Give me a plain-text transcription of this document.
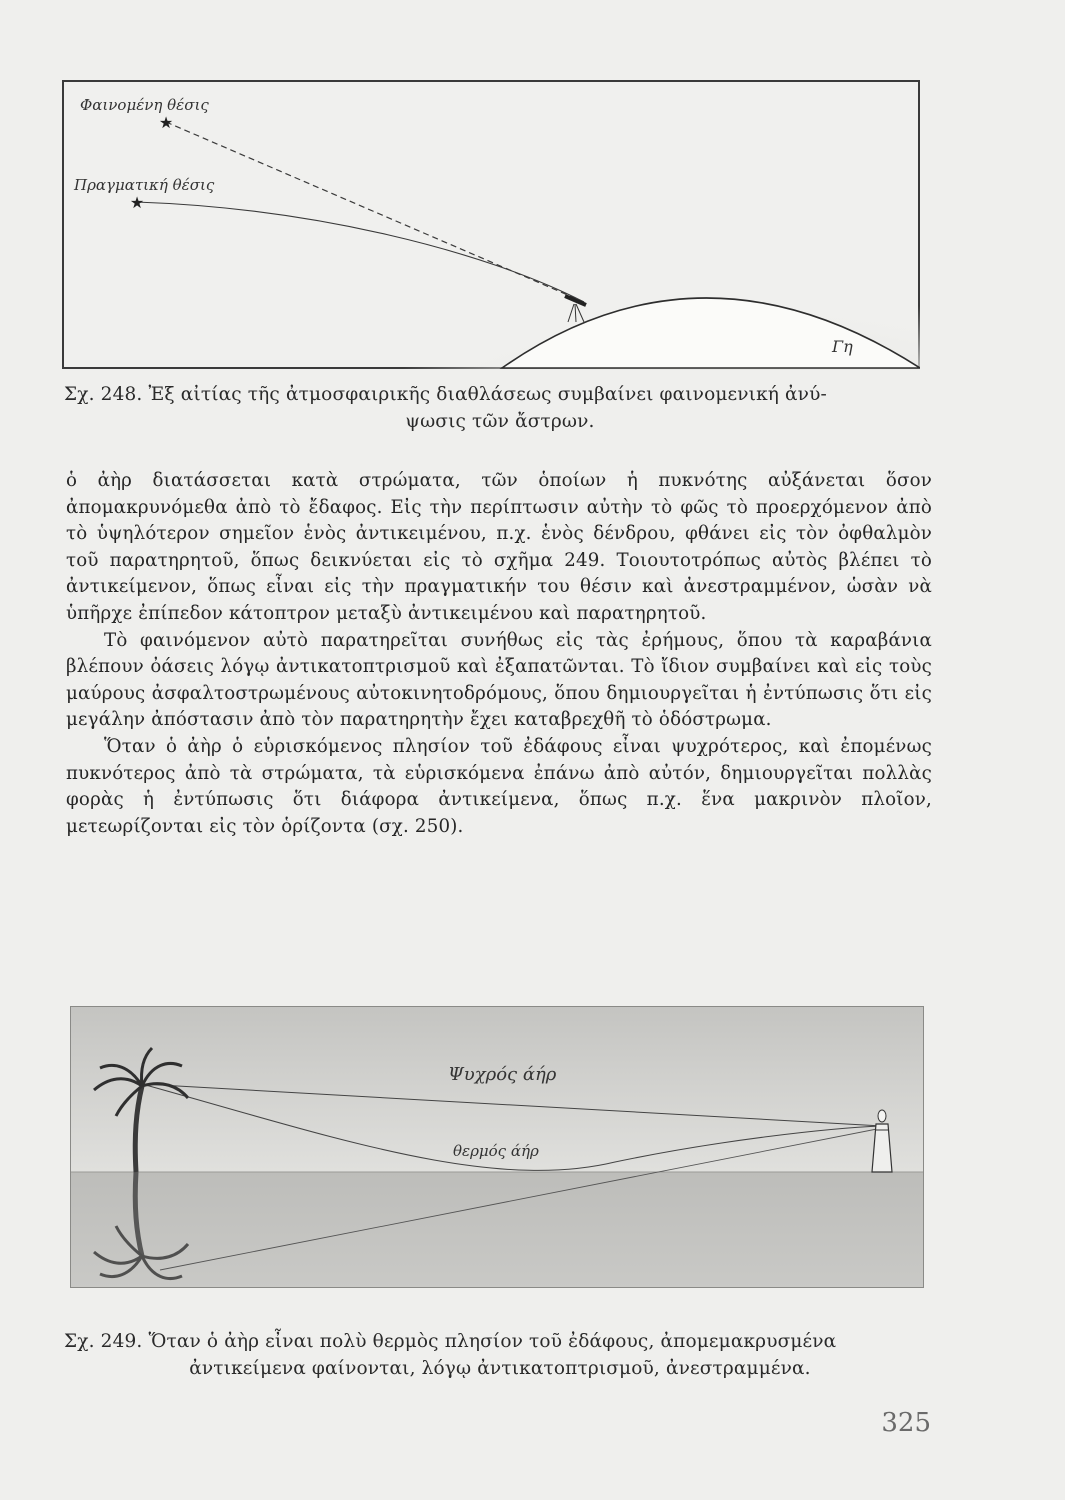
★
★
Φαινομένη θέσις
Πραγματική θέσις
Γη
Σχ. 248. Ἐξ αἰτίας τῆς ἀτμοσφαιρικῆς διαθλάσεως συμβαίνει φαινομενική ἀνύ-
ψωσις τῶν ἄστρων.

ὁ ἀὴρ διατάσσεται κατὰ στρώματα, τῶν ὁποίων ἡ πυκνότης αὐξάνεται ὅσον ἀπομακρυνόμεθα ἀπὸ τὸ ἔδαφος. Εἰς τὴν περίπτωσιν αὐτὴν τὸ φῶς τὸ προερχόμενον ἀπὸ τὸ ὑψηλότερον σημεῖον ἑνὸς ἀντικειμένου, π.χ. ἑνὸς δένδρου, φθάνει εἰς τὸν ὀφθαλμὸν τοῦ παρατηρητοῦ, ὅπως δεικνύεται εἰς τὸ σχῆμα 249. Τοιουτοτρόπως αὐτὸς βλέπει τὸ ἀντικείμενον, ὅπως εἶναι εἰς τὴν πραγματικήν του θέσιν καὶ ἀνεστραμμένον, ὡσὰν νὰ ὑπῆρχε ἐπίπεδον κάτοπτρον μεταξὺ ἀντικειμένου καὶ παρατηρητοῦ.

Τὸ φαινόμενον αὐτὸ παρατηρεῖται συνήθως εἰς τὰς ἐρήμους, ὅπου τὰ καραβάνια βλέπουν ὀάσεις λόγῳ ἀντικατοπτρισμοῦ καὶ ἐξαπατῶνται. Τὸ ἴδιον συμβαίνει καὶ εἰς τοὺς μαύρους ἀσφαλτοστρωμένους αὐτοκινητοδρόμους, ὅπου δημιουργεῖται ἡ ἐντύπωσις ὅτι εἰς μεγάλην ἀπόστασιν ἀπὸ τὸν παρατηρητὴν ἔχει καταβρεχθῆ τὸ ὁδόστρωμα.

Ὅταν ὁ ἀὴρ ὁ εὑρισκόμενος πλησίον τοῦ ἐδάφους εἶναι ψυχρότερος, καὶ ἐπομένως πυκνότερος ἀπὸ τὰ στρώματα, τὰ εὑρισκόμενα ἐπάνω ἀπὸ αὐτόν, δημιουργεῖται πολλὰς φορὰς ἡ ἐντύπωσις ὅτι διάφορα ἀντικείμενα, ὅπως π.χ. ἕνα μακρινὸν πλοῖον, μετεωρίζονται εἰς τὸν ὁρίζοντα (σχ. 250).

Ψυχρός άήρ
θερμός άήρ
Σχ. 249. Ὅταν ὁ ἀὴρ εἶναι πολὺ θερμὸς πλησίον τοῦ ἐδάφους, ἀπομεμακρυσμένα
ἀντικείμενα φαίνονται, λόγῳ ἀντικατοπτρισμοῦ, ἀνεστραμμένα.
325
